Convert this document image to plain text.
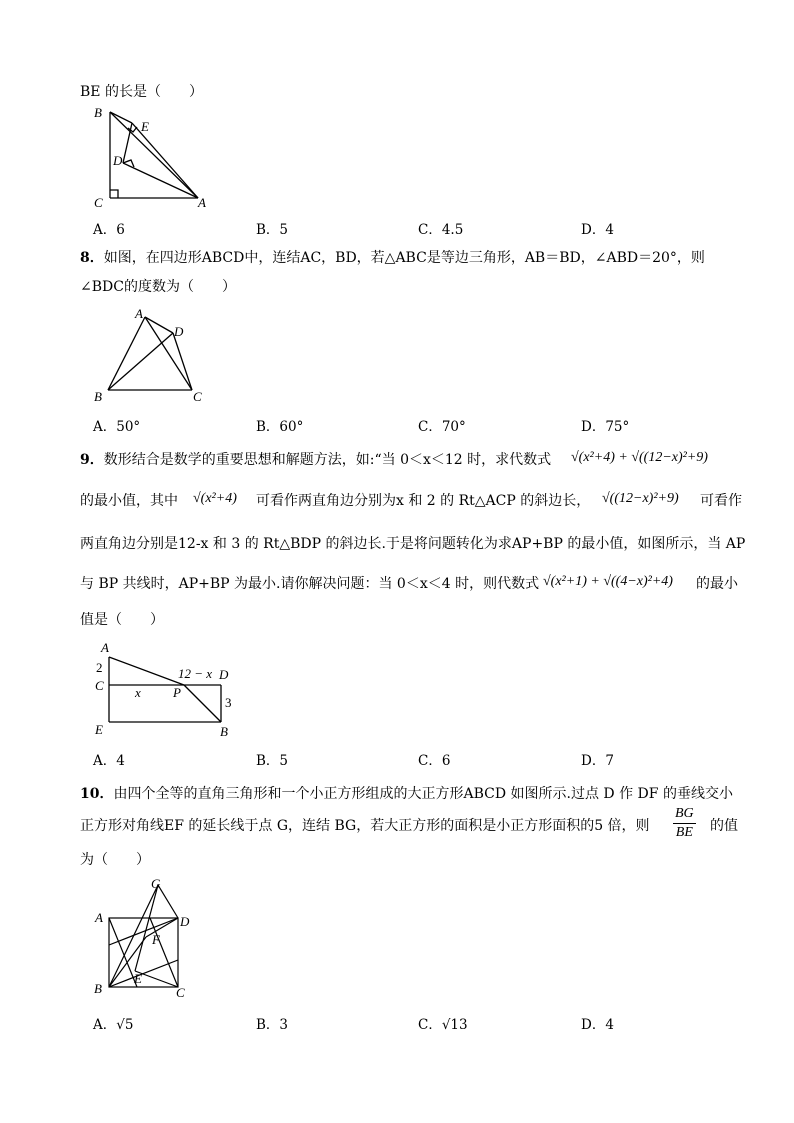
BE 的长是（　　）
B
E
D
C	A
A．6	B．5	C．4.5	D．4
8．如图，在四边形ABCD中，连结AC，BD，若△ABC是等边三角形，AB＝BD，∠ABD＝20°，则
∠BDC的度数为（　　）
A
D
B	C
A．50°	B．60°	C．70°	D．75°
9．数形结合是数学的重要思想和解题方法，如:“当 0＜x＜12 时，求代数式 √(x²+4) + √((12−x)²+9)
的最小值，其中 √(x²+4) 可看作两直角边分别为x 和 2 的 Rt△ACP 的斜边长， √((12−x)²+9) 可看作
两直角边分别是12-x 和 3 的 Rt△BDP 的斜边长.于是将问题转化为求AP+BP 的最小值，如图所示，当 AP
与 BP 共线时，AP+BP 为最小.请你解决问题：当 0＜x＜4 时，则代数式 √(x²+1) + √((4−x)²+4) 的最小
值是（　　）
A
2
C x P
12 − x D
3
E	B
A．4	B．5	C．6	D．7
10．由四个全等的直角三角形和一个小正方形组成的大正方形ABCD 如图所示.过点 D 作 DF 的垂线交小
正方形对角线EF 的延长线于点 G，连结 BG，若大正方形的面积是小正方形面积的5 倍，则 $\frac{BG}{BE}$ 的值
为（　　）
G
A	D
F
E
B	C
A．√5	B．3	C．√13	D．4
